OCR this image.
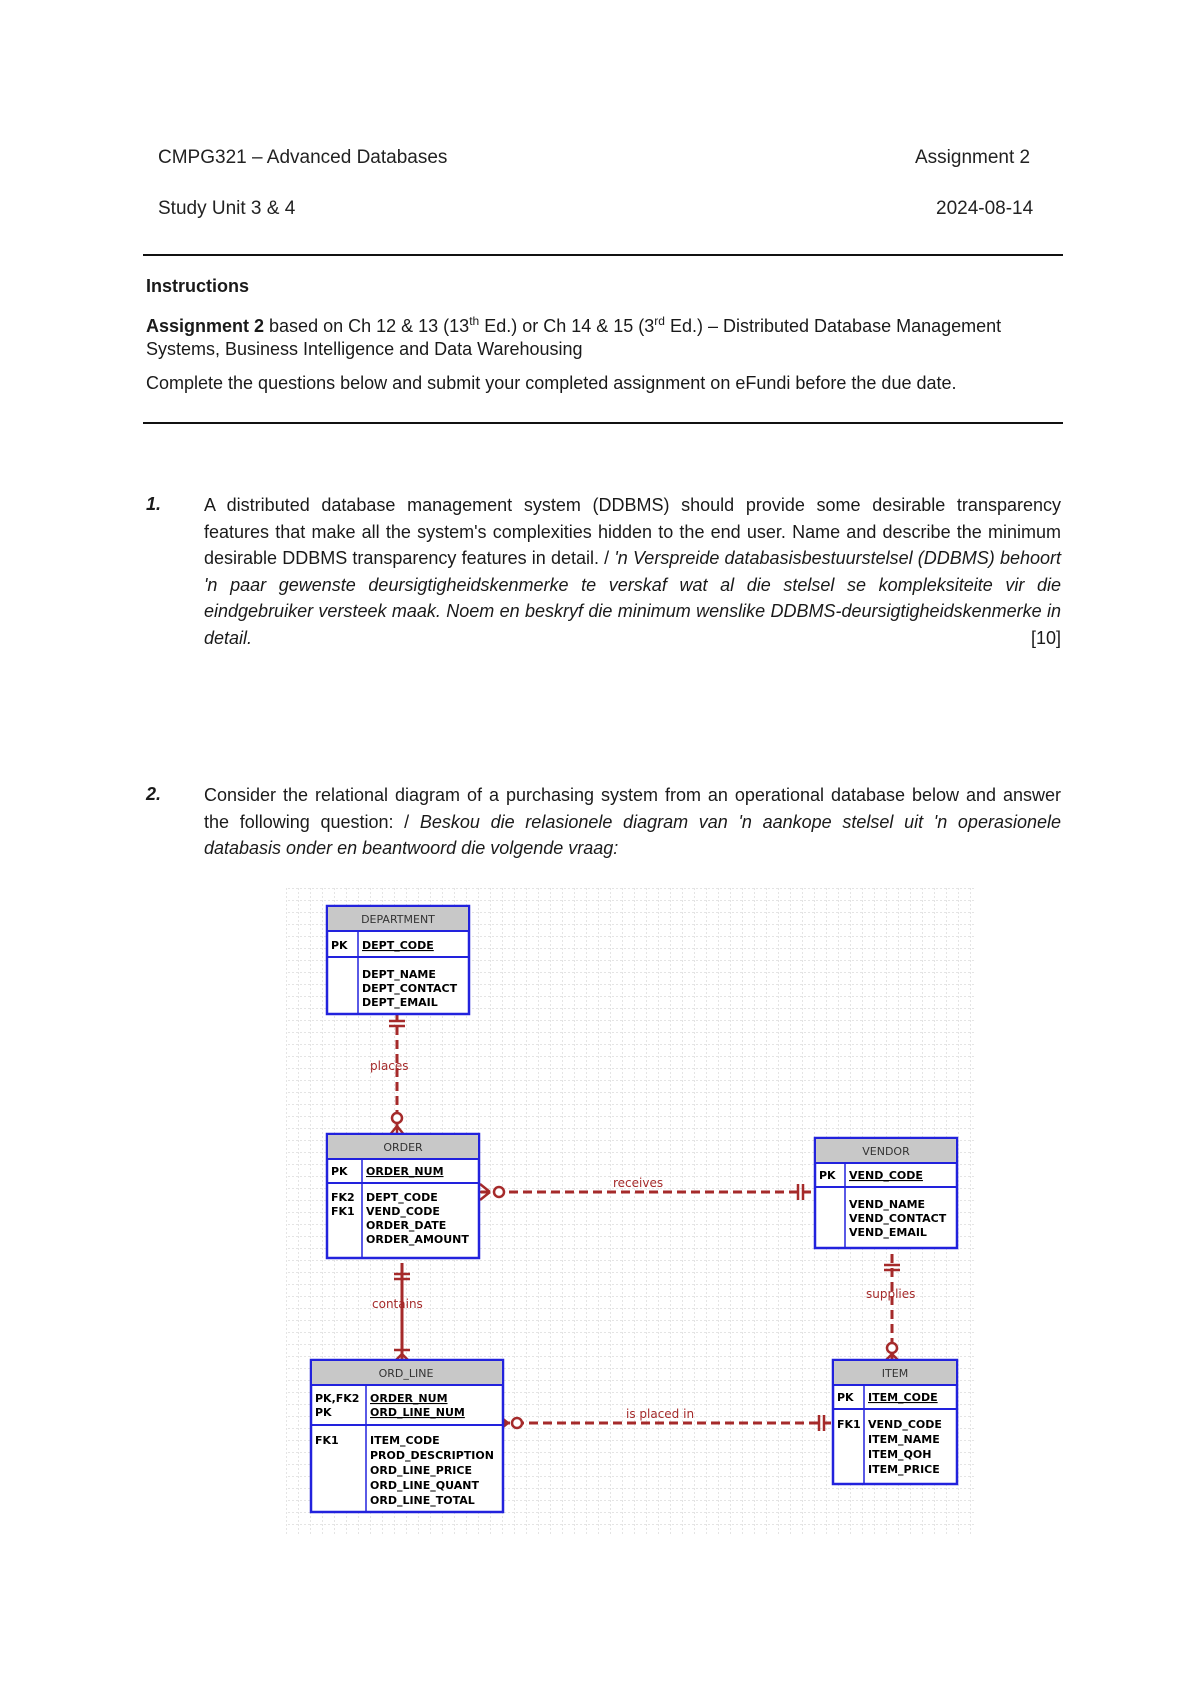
CMPG321 – Advanced Databases	Assignment 2
Study Unit 3 & 4	2024-08-14
Instructions

Assignment 2 based on Ch 12 & 13 (13th Ed.) or Ch 14 & 15 (3rd Ed.) – Distributed Database Management Systems, Business Intelligence and Data Warehousing

Complete the questions below and submit your completed assignment on eFundi before the due date.

1. A distributed database management system (DDBMS) should provide some desirable transparency features that make all the system's complexities hidden to the end user. Name and describe the minimum desirable DDBMS transparency features in detail. / 'n Verspreide databasisbestuurstelsel (DDBMS) behoort 'n paar gewenste deursigtigheidskenmerke te verskaf wat al die stelsel se kompleksiteite vir die eindgebruiker versteek maak. Noem en beskryf die minimum wenslike DDBMS-deursigtigheidskenmerke in detail.	[10]

2. Consider the relational diagram of a purchasing system from an operational database below and answer the following question: / Beskou die relasionele diagram van 'n aankope stelsel uit 'n operasionele databasis onder en beantwoord die volgende vraag:

places
receives
contains
supplies
is placed in
DEPARTMENT
PK DEPT_CODE
DEPT_NAME
DEPT_CONTACT
DEPT_EMAIL
ORDER
PK ORDER_NUM
FK2
FK1
DEPT_CODE
VEND_CODE
ORDER_DATE
ORDER_AMOUNT
VENDOR
PK VEND_CODE
VEND_NAME
VEND_CONTACT
VEND_EMAIL
ORD_LINE
PK,FK2
PK
ORDER_NUM
ORD_LINE_NUM
FK1	ITEM_CODE
PROD_DESCRIPTION
ORD_LINE_PRICE
ORD_LINE_QUANT
ORD_LINE_TOTAL
ITEM
PK ITEM_CODE
FK1 VEND_CODE
ITEM_NAME
ITEM_QOH
ITEM_PRICE
